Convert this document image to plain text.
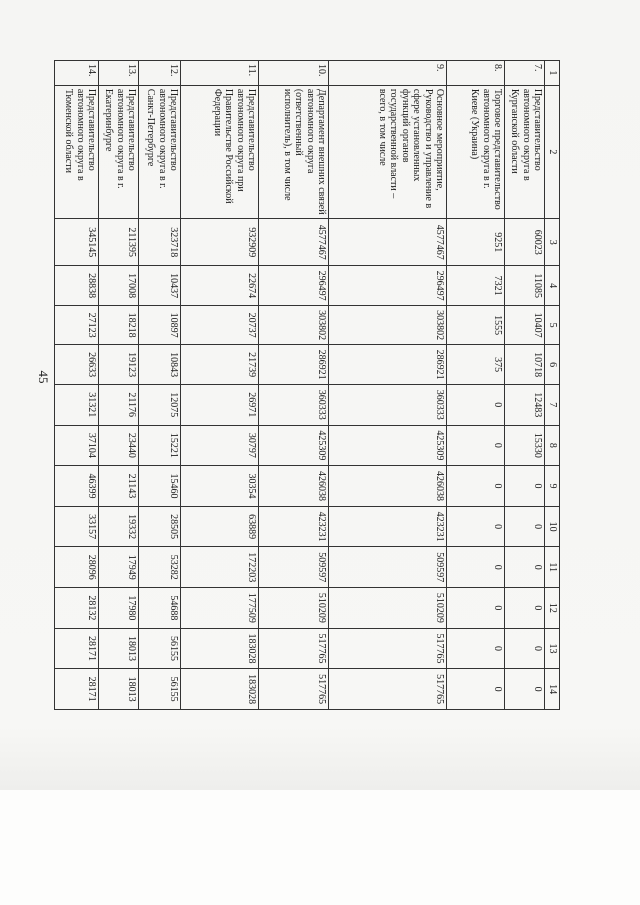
45
1	2	3	4	5	6	7	8	9	10	11	12	13	14
7.	Представительство автономного округа в Курганской области	60023	11085	10407	10718	12483	15330	0	0	0	0	0	0
8.	Торговое представительство автономного округа в г. Киеве (Украина)	9251	7321	1555	375	0	0	0	0	0	0	0	0
9.	Основное мероприятие, Руководство и управление в сфере установленных функций органов государственной власти – всего, в том числе	4577467	296497	303802	286921	360333	425309	426038	423231	509597	510209	517765	517765
10.	Департамент внешних связей автономного округа (ответственный исполнитель), в том числе	4577467	296497	303802	286921	360333	425309	426038	423231	509597	510209	517765	517765
11.	Представительство автономного округа при Правительстве Российской Федерации	932909	22674	20737	21739	26971	30797	30354	63889	172203	177509	183028	183028
12.	Представительство автономного округа в г. Санкт-Петербурге	323718	10437	10897	10843	12075	15221	15460	28505	53282	54688	56155	56155
13.	Представительство автономного округа в г. Екатеринбурге	211395	17008	18218	19123	21176	23440	21143	19332	17949	17980	18013	18013
14.	Представительство автономного округа в Тюменской области	345145	28838	27123	26633	31321	37104	46399	33157	28096	28132	28171	28171
